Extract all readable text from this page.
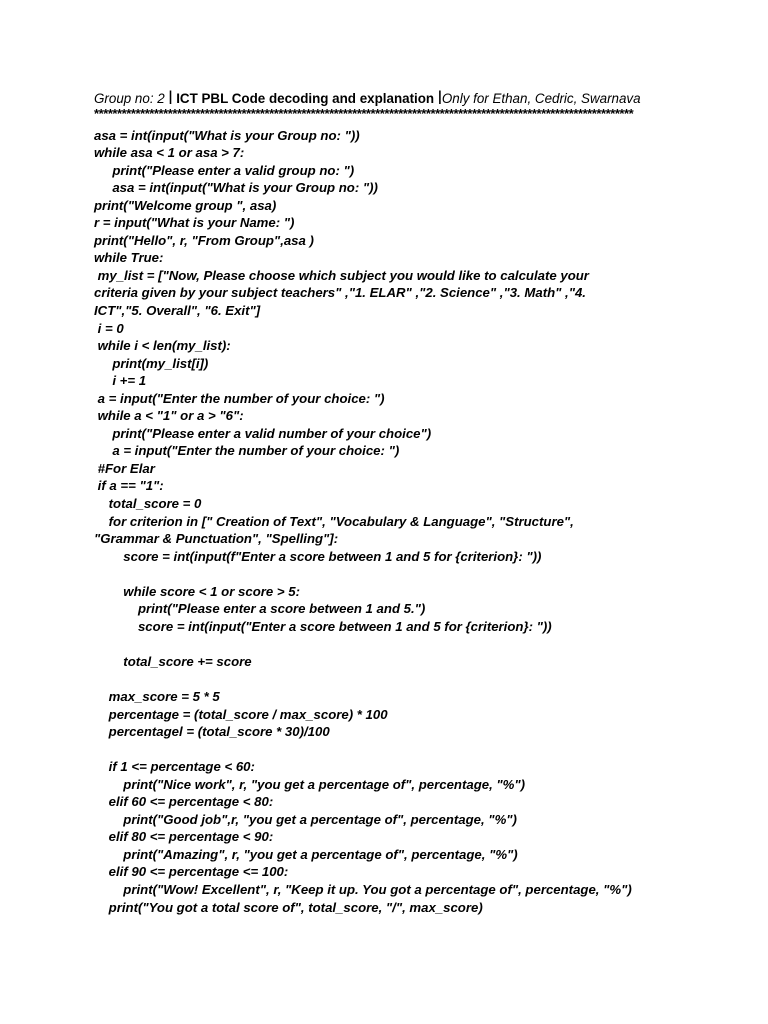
Group no: 2 l ICT PBL Code decoding and explanation lOnly for Ethan, Cedric, Swarnava
*********************************************************************************************************************
asa = int(input("What is your Group no: "))
while asa < 1 or asa > 7:
print("Please enter a valid group no: ")
asa = int(input("What is your Group no: "))
print("Welcome group ", asa)
r = input("What is your Name: ")
print("Hello", r, "From Group",asa )
while True:
my_list = ["Now, Please choose which subject you would like to calculate your
criteria given by your subject teachers" ,"1. ELAR" ,"2. Science" ,"3. Math" ,"4.
ICT","5. Overall", "6. Exit"]
i = 0
while i < len(my_list):
print(my_list[i])
i += 1
a = input("Enter the number of your choice: ")
while a < "1" or a > "6":
print("Please enter a valid number of your choice")
a = input("Enter the number of your choice: ")
#For Elar
if a == "1":
total_score = 0
for criterion in [" Creation of Text", "Vocabulary & Language", "Structure",
"Grammar & Punctuation", "Spelling"]:
score = int(input(f"Enter a score between 1 and 5 for {criterion}: "))
while score < 1 or score > 5:
print("Please enter a score between 1 and 5.")
score = int(input("Enter a score between 1 and 5 for {criterion}: "))
total_score += score
max_score = 5 * 5
percentage = (total_score / max_score) * 100
percentagel = (total_score * 30)/100
if 1 <= percentage < 60:
print("Nice work", r, "you get a percentage of", percentage, "%")
elif 60 <= percentage < 80:
print("Good job",r, "you get a percentage of", percentage, "%")
elif 80 <= percentage < 90:
print("Amazing", r, "you get a percentage of", percentage, "%")
elif 90 <= percentage <= 100:
print("Wow! Excellent", r, "Keep it up. You got a percentage of", percentage, "%")
print("You got a total score of", total_score, "/", max_score)
